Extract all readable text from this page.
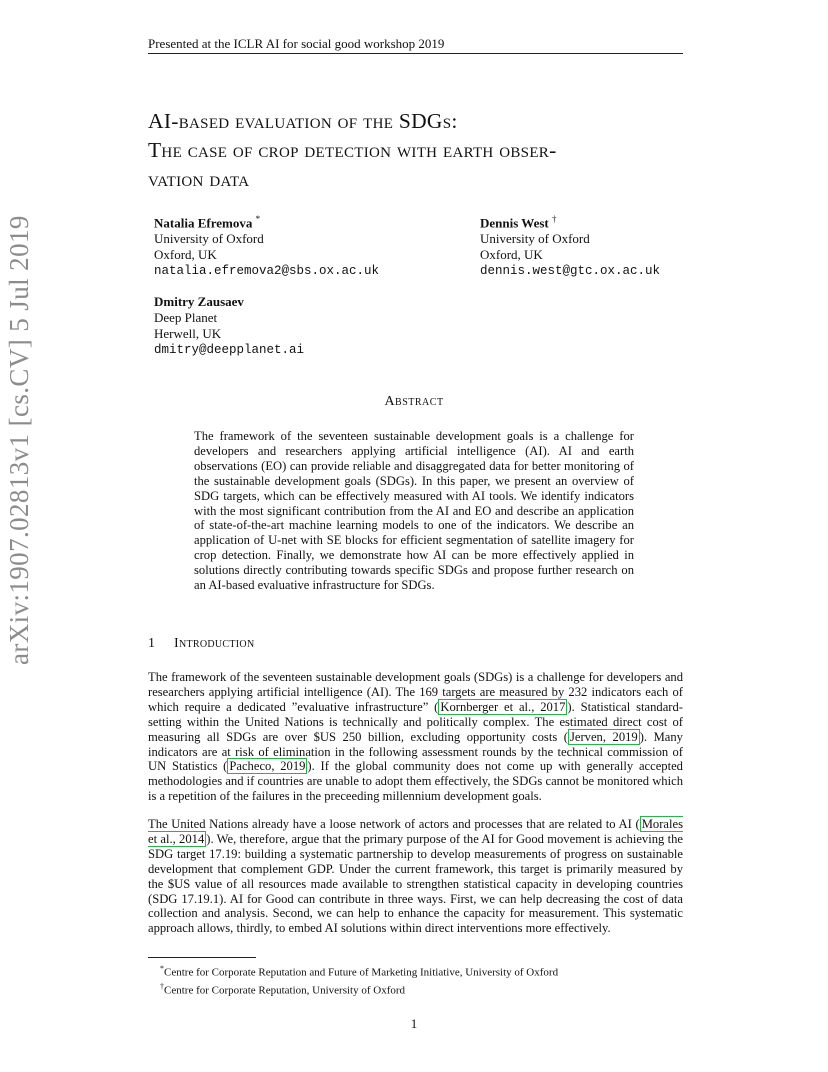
arXiv:1907.02813v1 [cs.CV] 5 Jul 2019
Presented at the ICLR AI for social good workshop 2019
AI-based evaluation of the SDGs:
The case of crop detection with earth obser-
vation data
Natalia Efremova *
University of Oxford
Oxford, UK
natalia.efremova2@sbs.ox.ac.uk
Dennis West †
University of Oxford
Oxford, UK
dennis.west@gtc.ox.ac.uk
Dmitry Zausaev
Deep Planet
Herwell, UK
dmitry@deepplanet.ai
Abstract
The framework of the seventeen sustainable development goals is a challenge for developers and researchers applying artificial intelligence (AI). AI and earth observations (EO) can provide reliable and disaggregated data for better monitoring of the sustainable development goals (SDGs). In this paper, we present an overview of SDG targets, which can be effectively measured with AI tools. We identify indicators with the most significant contribution from the AI and EO and describe an application of state-of-the-art machine learning models to one of the indicators. We describe an application of U-net with SE blocks for efficient segmentation of satellite imagery for crop detection. Finally, we demonstrate how AI can be more effectively applied in solutions directly contributing towards specific SDGs and propose further research on an AI-based evaluative infrastructure for SDGs.
1 Introduction
The framework of the seventeen sustainable development goals (SDGs) is a challenge for developers and researchers applying artificial intelligence (AI). The 169 targets are measured by 232 indicators each of which require a dedicated ”evaluative infrastructure” ( Kornberger et al., 2017 ). Statistical standard-setting within the United Nations is technically and politically complex. The estimated direct cost of measuring all SDGs are over $US 250 billion, excluding opportunity costs ( Jerven, 2019 ). Many indicators are at risk of elimination in the following assessment rounds by the technical commission of UN Statistics ( Pacheco, 2019 ). If the global community does not come up with generally accepted methodologies and if countries are unable to adopt them effectively, the SDGs cannot be monitored which is a repetition of the failures in the preceeding millennium development goals.
The United Nations already have a loose network of actors and processes that are related to AI ( Morales et al., 2014 ). We, therefore, argue that the primary purpose of the AI for Good movement is achieving the SDG target 17.19: building a systematic partnership to develop measurements of progress on sustainable development that complement GDP. Under the current framework, this target is primarily measured by the $US value of all resources made available to strengthen statistical capacity in developing countries (SDG 17.19.1). AI for Good can contribute in three ways. First, we can help decreasing the cost of data collection and analysis. Second, we can help to enhance the capacity for measurement. This systematic approach allows, thirdly, to embed AI solutions within direct interventions more effectively.
*Centre for Corporate Reputation and Future of Marketing Initiative, University of Oxford
†Centre for Corporate Reputation, University of Oxford
1
